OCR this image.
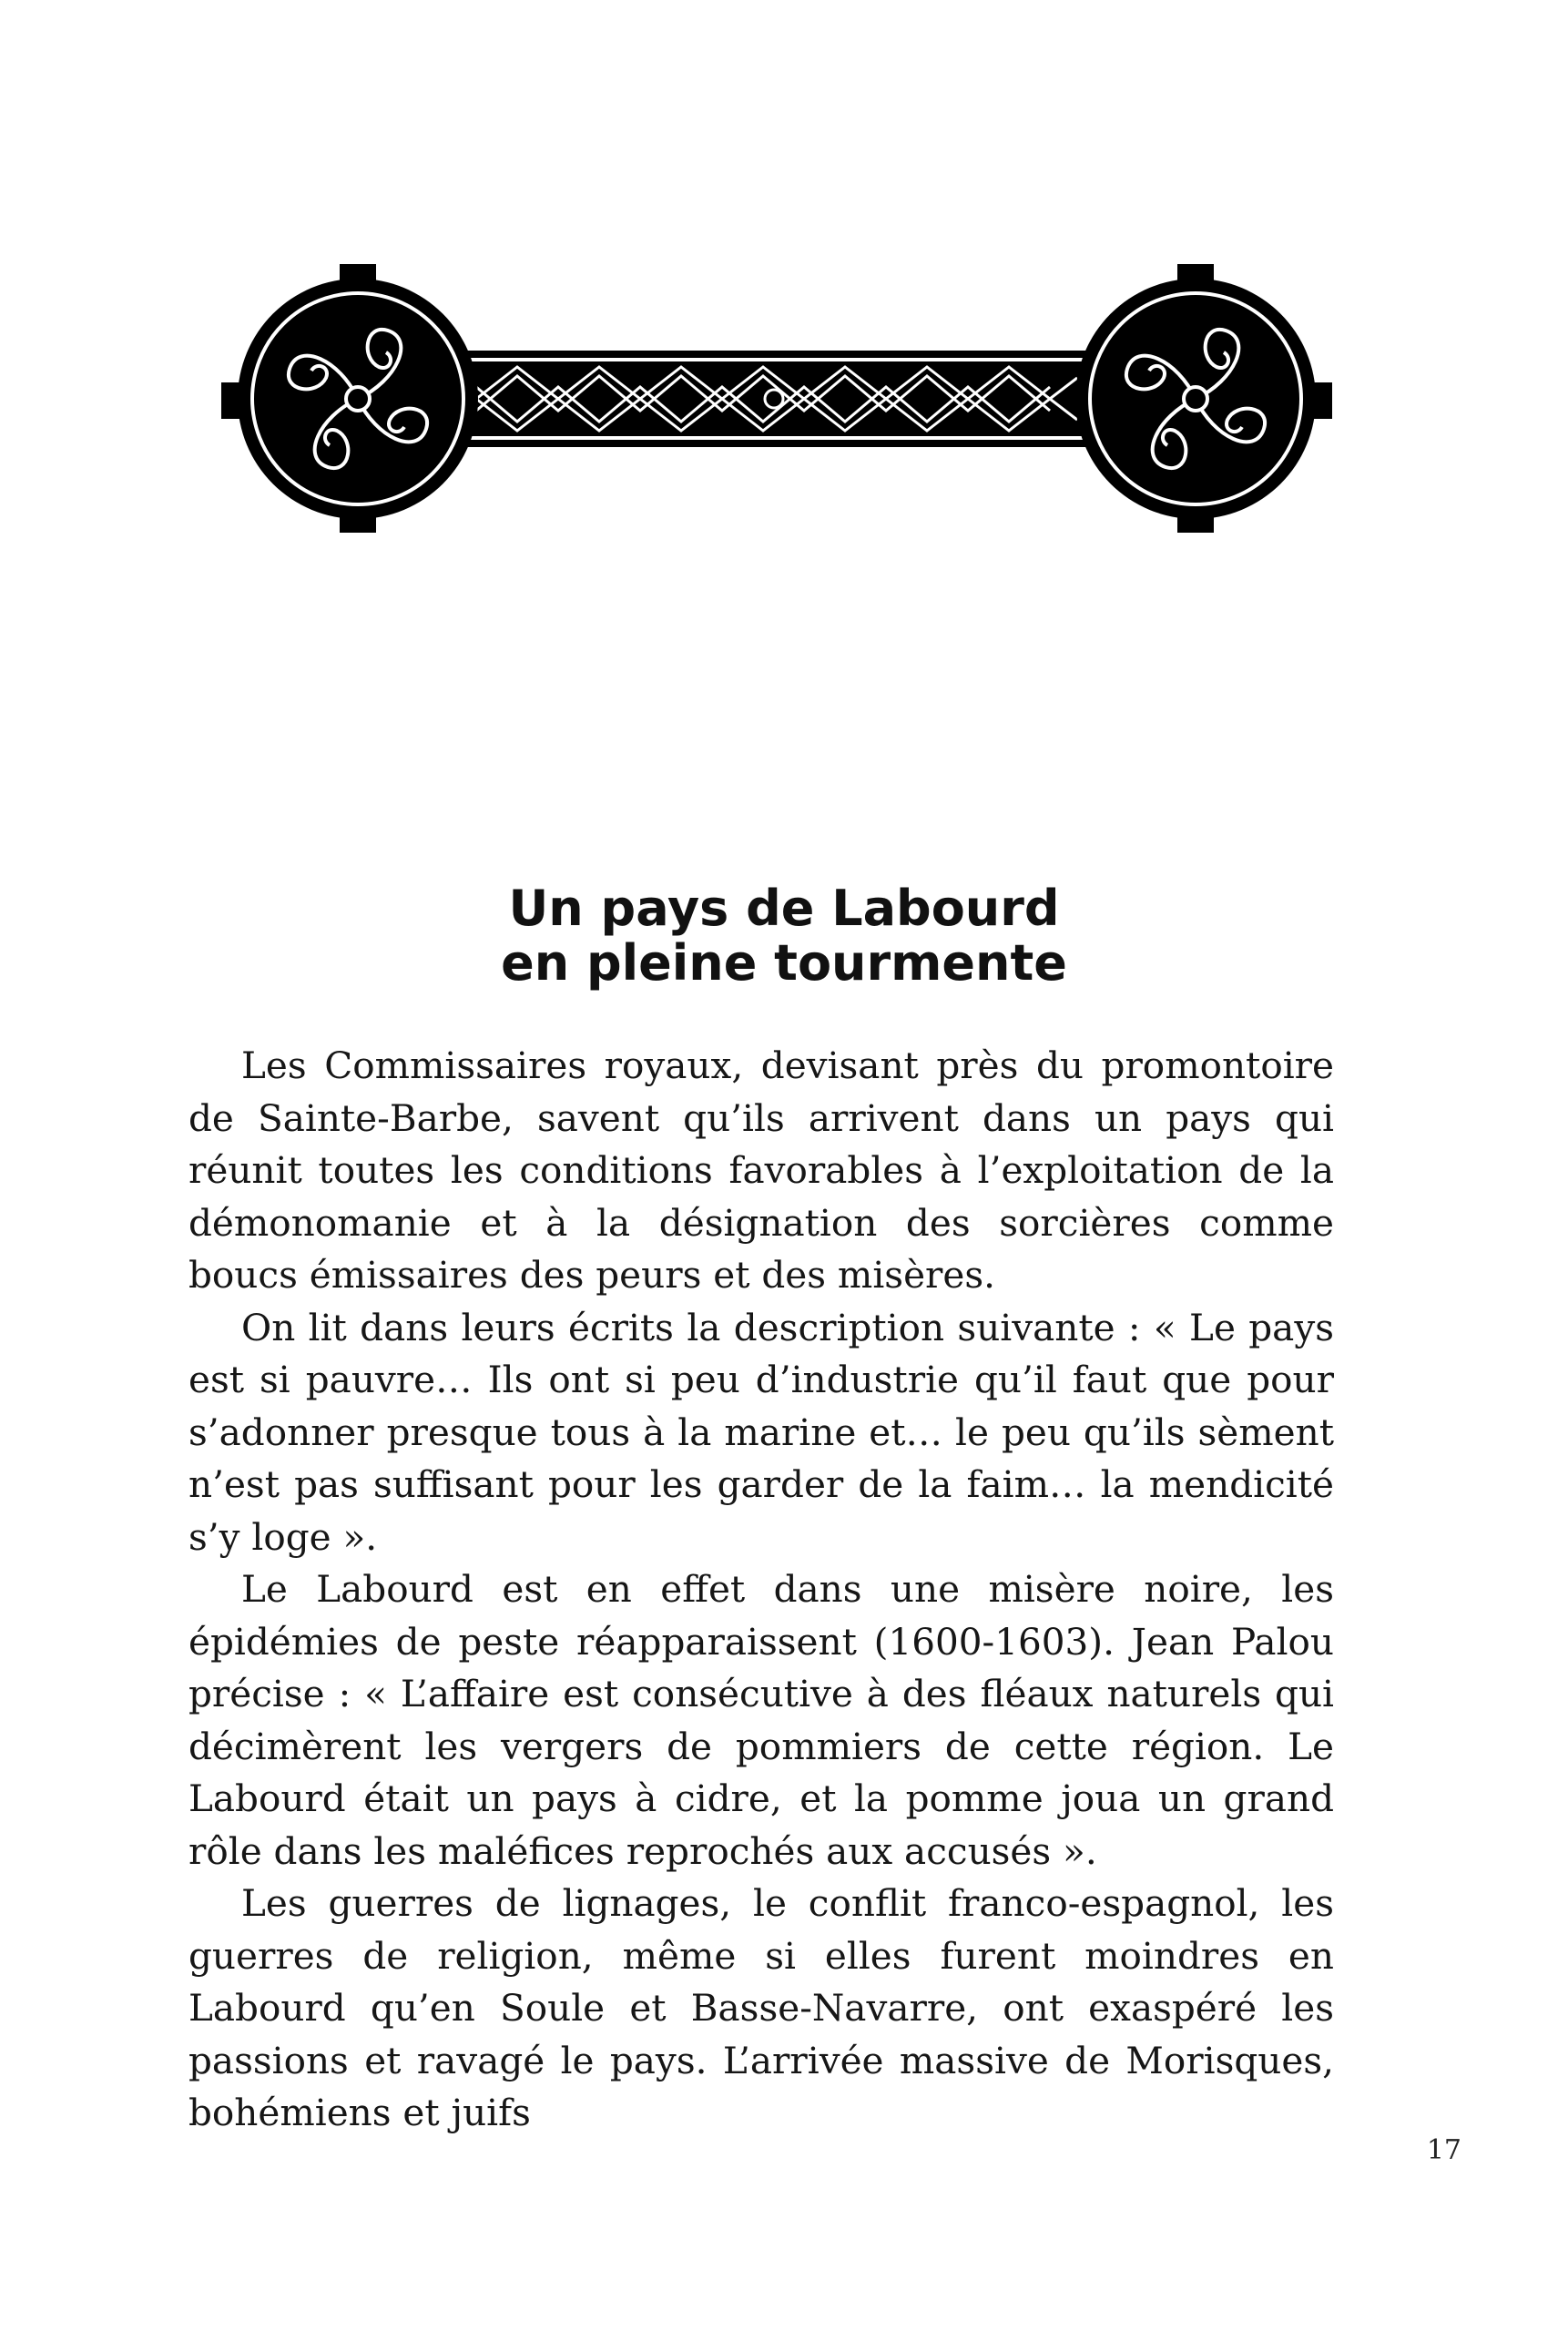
Un pays de Labourd
en pleine tourmente

Les Commissaires royaux, devisant près du promontoire de Sainte-Barbe, savent qu’ils arrivent dans un pays qui réunit toutes les conditions favorables à l’exploitation de la démonomanie et à la désignation des sorcières comme boucs émissaires des peurs et des misères.

On lit dans leurs écrits la description suivante : « Le pays est si pauvre… Ils ont si peu d’industrie qu’il faut que pour s’adonner presque tous à la marine et… le peu qu’ils sèment n’est pas suffisant pour les garder de la faim… la mendicité s’y loge ».

Le Labourd est en effet dans une misère noire, les épidémies de peste réapparaissent (1600-1603). Jean Palou précise : « L’affaire est consécutive à des fléaux naturels qui décimèrent les vergers de pommiers de cette région. Le Labourd était un pays à cidre, et la pomme joua un grand rôle dans les maléfices reprochés aux accusés ».

Les guerres de lignages, le conflit franco-espagnol, les guerres de religion, même si elles furent moindres en Labourd qu’en Soule et Basse-Navarre, ont exaspéré les passions et ravagé le pays. L’arrivée massive de Morisques, bohémiens et juifs

17
